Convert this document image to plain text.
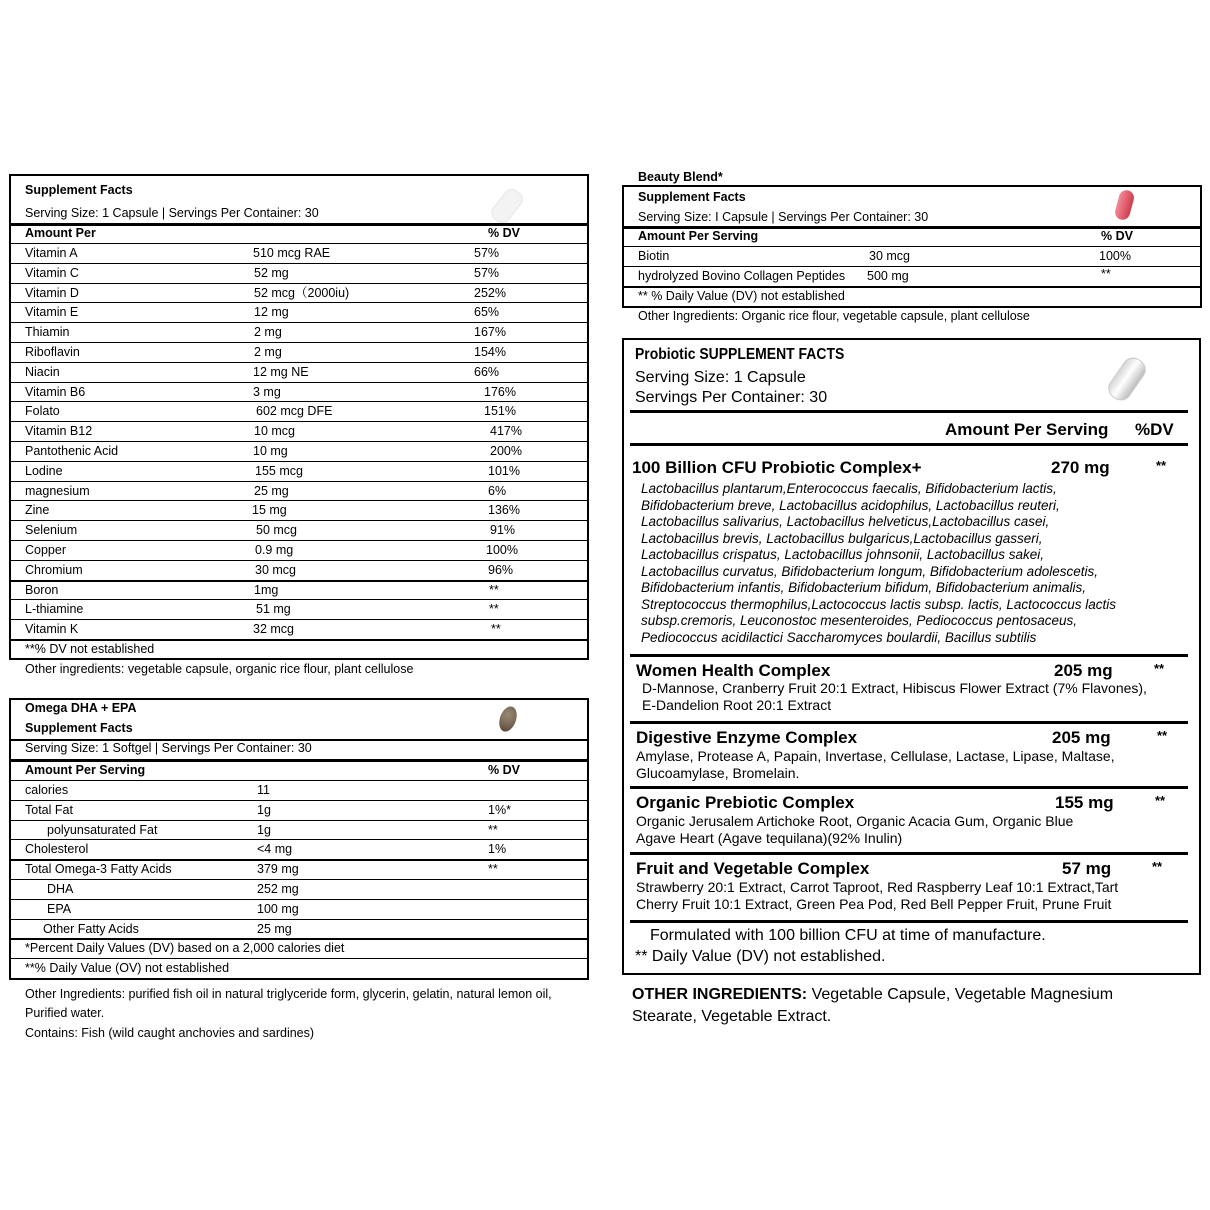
Supplement Facts
Serving Size: 1 Capsule | Servings Per Container: 30
Amount Per	% DV
Vitamin A	510 mcg RAE	57%
Vitamin C	52 mg	57%
Vitamin D	52 mcg（2000iu)	252%
Vitamin E	12 mg	65%
Thiamin	2 mg	167%
Riboflavin	2 mg	154%
Niacin	12 mg NE	66%
Vitamin B6	3 mg	176%
Folato	602 mcg DFE	151%
Vitamin B12	10 mcg	417%
Pantothenic Acid	10 mg	200%
Lodine	155 mcg	101%
magnesium	25 mg	6%
Zine	15 mg	136%
Selenium	50 mcg	91%
Copper	0.9 mg	100%
Chromium	30 mcg	96%
Boron	1mg	**
L-thiamine	51 mg	**
Vitamin K	32 mcg	**
**% DV not established
Other ingredients: vegetable capsule, organic rice flour, plant cellulose
Omega DHA + EPA
Supplement Facts
Serving Size: 1 Softgel | Servings Per Container: 30
Amount Per Serving	% DV
calories	11
Total Fat	1g	1%*
polyunsaturated Fat	1g	**
Cholesterol	<4 mg	1%
Total Omega-3 Fatty Acids	379 mg	**
DHA	252 mg
EPA	100 mg
Other Fatty Acids	25 mg
*Percent Daily Values (DV) based on a 2,000 calories diet
**% Daily Value (OV) not established
Other Ingredients: purified fish oil in natural triglyceride form, glycerin, gelatin, natural lemon oil,
Purified water.
Contains: Fish (wild caught anchovies and sardines)
Beauty Blend*
Supplement Facts
Serving Size: I Capsule | Servings Per Container: 30
Amount Per Serving	% DV
Biotin	30 mcg	100%
hydrolyzed Bovino Collagen Peptides 500 mg	**
** % Daily Value (DV) not established
Other Ingredients: Organic rice flour, vegetable capsule, plant cellulose
Probiotic SUPPLEMENT FACTS
Serving Size: 1 Capsule
Servings Per Container: 30
Amount Per Serving %DV
100 Billion CFU Probiotic Complex+	270 mg	**
Lactobacillus plantarum,Enterococcus faecalis, Bifidobacterium lactis,
Bifidobacterium breve, Lactobacillus acidophilus, Lactobacillus reuteri,
Lactobacillus salivarius, Lactobacillus helveticus,Lactobacillus casei,
Lactobacillus brevis, Lactobacillus bulgaricus,Lactobacillus gasseri,
Lactobacillus crispatus, Lactobacillus johnsonii, Lactobacillus sakei,
Lactobacillus curvatus, Bifidobacterium longum, Bifidobacterium adolescetis,
Bifidobacterium infantis, Bifidobacterium bifidum, Bifidobacterium animalis,
Streptococcus thermophilus,Lactococcus lactis subsp. lactis, Lactococcus lactis
subsp.cremoris, Leuconostoc mesenteroides, Pediococcus pentosaceus,
Pediococcus acidilactici Saccharomyces boulardii, Bacillus subtilis
Women Health Complex	205 mg	**
D-Mannose, Cranberry Fruit 20:1 Extract, Hibiscus Flower Extract (7% Flavones),
E-Dandelion Root 20:1 Extract
Digestive Enzyme Complex	205 mg	**
Amylase, Protease A, Papain, Invertase, Cellulase, Lactase, Lipase, Maltase,
Glucoamylase, Bromelain.
Organic Prebiotic Complex	155 mg	**
Organic Jerusalem Artichoke Root, Organic Acacia Gum, Organic Blue
Agave Heart (Agave tequilana)(92% Inulin)
Fruit and Vegetable Complex	57 mg	**
Strawberry 20:1 Extract, Carrot Taproot, Red Raspberry Leaf 10:1 Extract,Tart
Cherry Fruit 10:1 Extract, Green Pea Pod, Red Bell Pepper Fruit, Prune Fruit
Formulated with 100 billion CFU at time of manufacture.
** Daily Value (DV) not established.
OTHER INGREDIENTS: Vegetable Capsule, Vegetable Magnesium
Stearate, Vegetable Extract.
